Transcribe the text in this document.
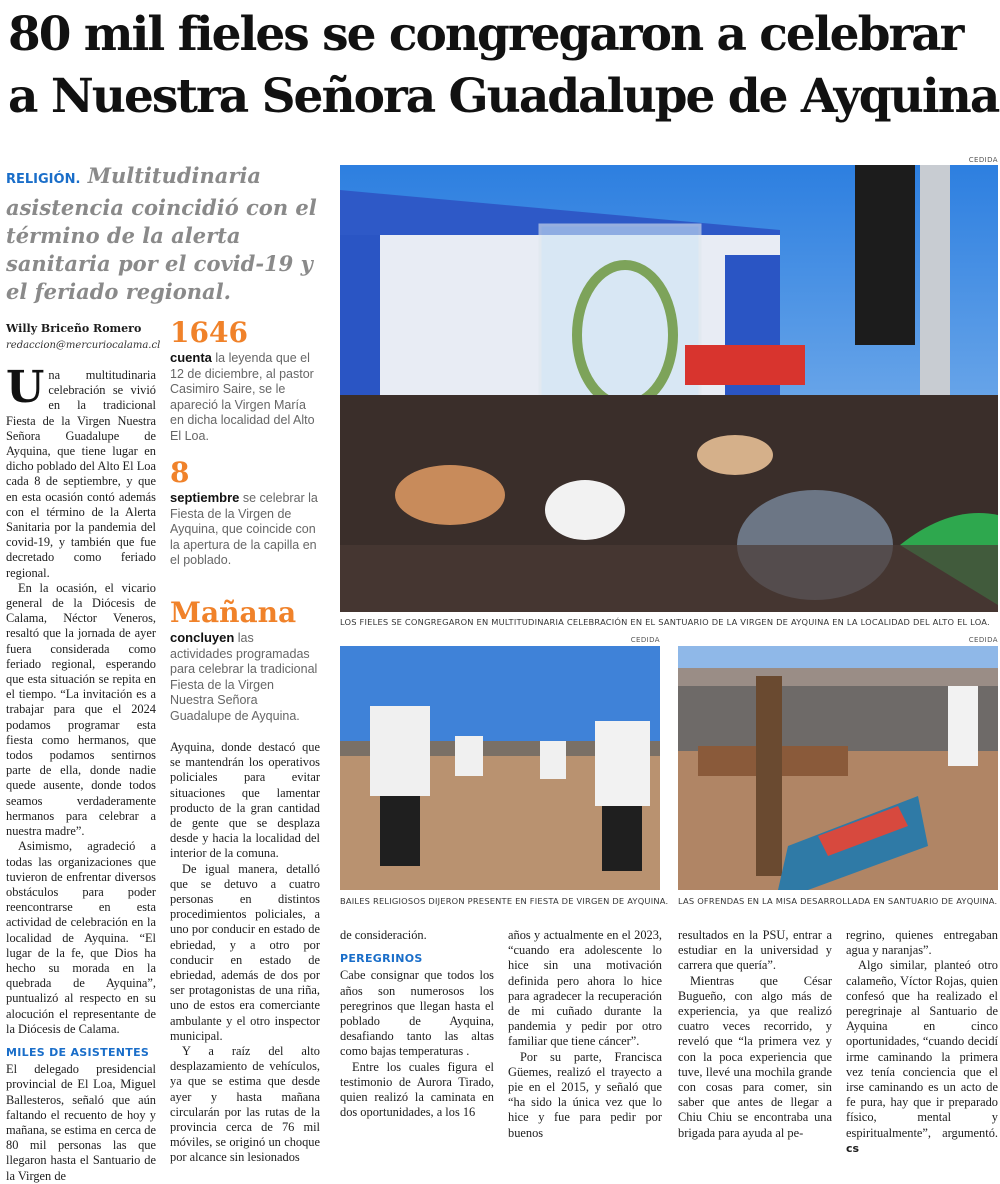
80 mil fieles se congregaron a celebrar
a Nuestra Señora Guadalupe de Ayquina
RELIGIÓN. Multitudinaria asistencia coincidió con el término de la alerta sanitaria por el covid-19 y el feriado regional.
Willy Briceño Romero
redaccion@mercuriocalama.cl

Una multitudinaria celebración se vivió en la tradicional Fiesta de la Virgen Nuestra Señora Guadalupe de Ayquina, que tiene lugar en dicho poblado del Alto El Loa cada 8 de septiembre, y que en esta ocasión contó además con el término de la Alerta Sanitaria por la pandemia del covid-19, y también que fue decretado como feriado regional.

En la ocasión, el vicario general de la Diócesis de Calama, Néctor Veneros, resaltó que la jornada de ayer fuera considerada como feriado regional, esperando que esta situación se repita en el tiempo. “La invitación es a trabajar para que el 2024 podamos programar esta fiesta como hermanos, que todos podamos sentirnos parte de ella, donde nadie quede ausente, donde todos seamos verdaderamente hermanos para celebrar a nuestra madre”.

Asimismo, agradeció a todas las organizaciones que tuvieron de enfrentar diversos obstáculos para poder reencontrarse en esta actividad de celebración en la localidad de Ayquina. “El lugar de la fe, que Dios ha hecho su morada en la quebrada de Ayquina”, puntualizó al respecto en su alocución el representante de la Diócesis de Calama.

MILES DE ASISTENTES

El delegado presidencial provincial de El Loa, Miguel Ballesteros, señaló que aún faltando el recuento de hoy y mañana, se estima en cerca de 80 mil personas las que llegaron hasta el Santuario de la Virgen de

1646
cuenta la leyenda que el 12 de diciembre, al pastor Casimiro Saire, se le apareció la Virgen María en dicha localidad del Alto El Loa.
8
septiembre se celebrar la Fiesta de la Virgen de Ayquina, que coincide con la apertura de la capilla en el poblado.
Mañana
concluyen las actividades programadas para celebrar la tradicional Fiesta de la Virgen Nuestra Señora Guadalupe de Ayquina.

Ayquina, donde destacó que se mantendrán los operativos policiales para evitar situaciones que lamentar producto de la gran cantidad de gente que se desplaza desde y hacia la localidad del interior de la comuna.

De igual manera, detalló que se detuvo a cuatro personas en distintos procedimientos policiales, a uno por conducir en estado de ebriedad, y a otro por conducir en estado de ebriedad, además de dos por ser protagonistas de una riña, uno de estos era comerciante ambulante y el otro inspector municipal.

Y a raíz del alto desplazamiento de vehículos, ya que se estima que desde ayer y hasta mañana circularán por las rutas de la provincia cerca de 76 mil móviles, se originó un choque por alcance sin lesionados

CEDIDA
LOS FIELES SE CONGREGARON EN MULTITUDINARIA CELEBRACIÓN EN EL SANTUARIO DE LA VIRGEN DE AYQUINA EN LA LOCALIDAD DEL ALTO EL LOA.
CEDIDA
BAILES RELIGIOSOS DIJERON PRESENTE EN FIESTA DE VIRGEN DE AYQUINA.
CEDIDA
LAS OFRENDAS EN LA MISA DESARROLLADA EN SANTUARIO DE AYQUINA.

de consideración.

PEREGRINOS

Cabe consignar que todos los años son numerosos los peregrinos que llegan hasta el poblado de Ayquina, desafiando tanto las altas como bajas temperaturas .

Entre los cuales figura el testimonio de Aurora Tirado, quien realizó la caminata en dos oportunidades, a los 16

años y actualmente en el 2023, “cuando era adolescente lo hice sin una motivación definida pero ahora lo hice para agradecer la recuperación de mi cuñado durante la pandemia y pedir por otro familiar que tiene cáncer”.

Por su parte, Francisca Güemes, realizó el trayecto a pie en el 2015, y señaló que “ha sido la única vez que lo hice y fue para pedir por buenos

resultados en la PSU, entrar a estudiar en la universidad y carrera que quería”.

Mientras que César Bugueño, con algo más de experiencia, ya que realizó cuatro veces recorrido, y reveló que “la primera vez y con la poca experiencia que tuve, llevé una mochila grande con cosas para comer, sin saber que antes de llegar a Chiu Chiu se encontraba una brigada para ayuda al pe-

regrino, quienes entregaban agua y naranjas”.

Algo similar, planteó otro calameño, Víctor Rojas, quien confesó que ha realizado el peregrinaje al Santuario de Ayquina en cinco oportunidades, “cuando decidí irme caminando la primera vez tenía conciencia que el irse caminando es un acto de fe pura, hay que ir preparado físico, mental y espiritualmente”, argumentó. cs
